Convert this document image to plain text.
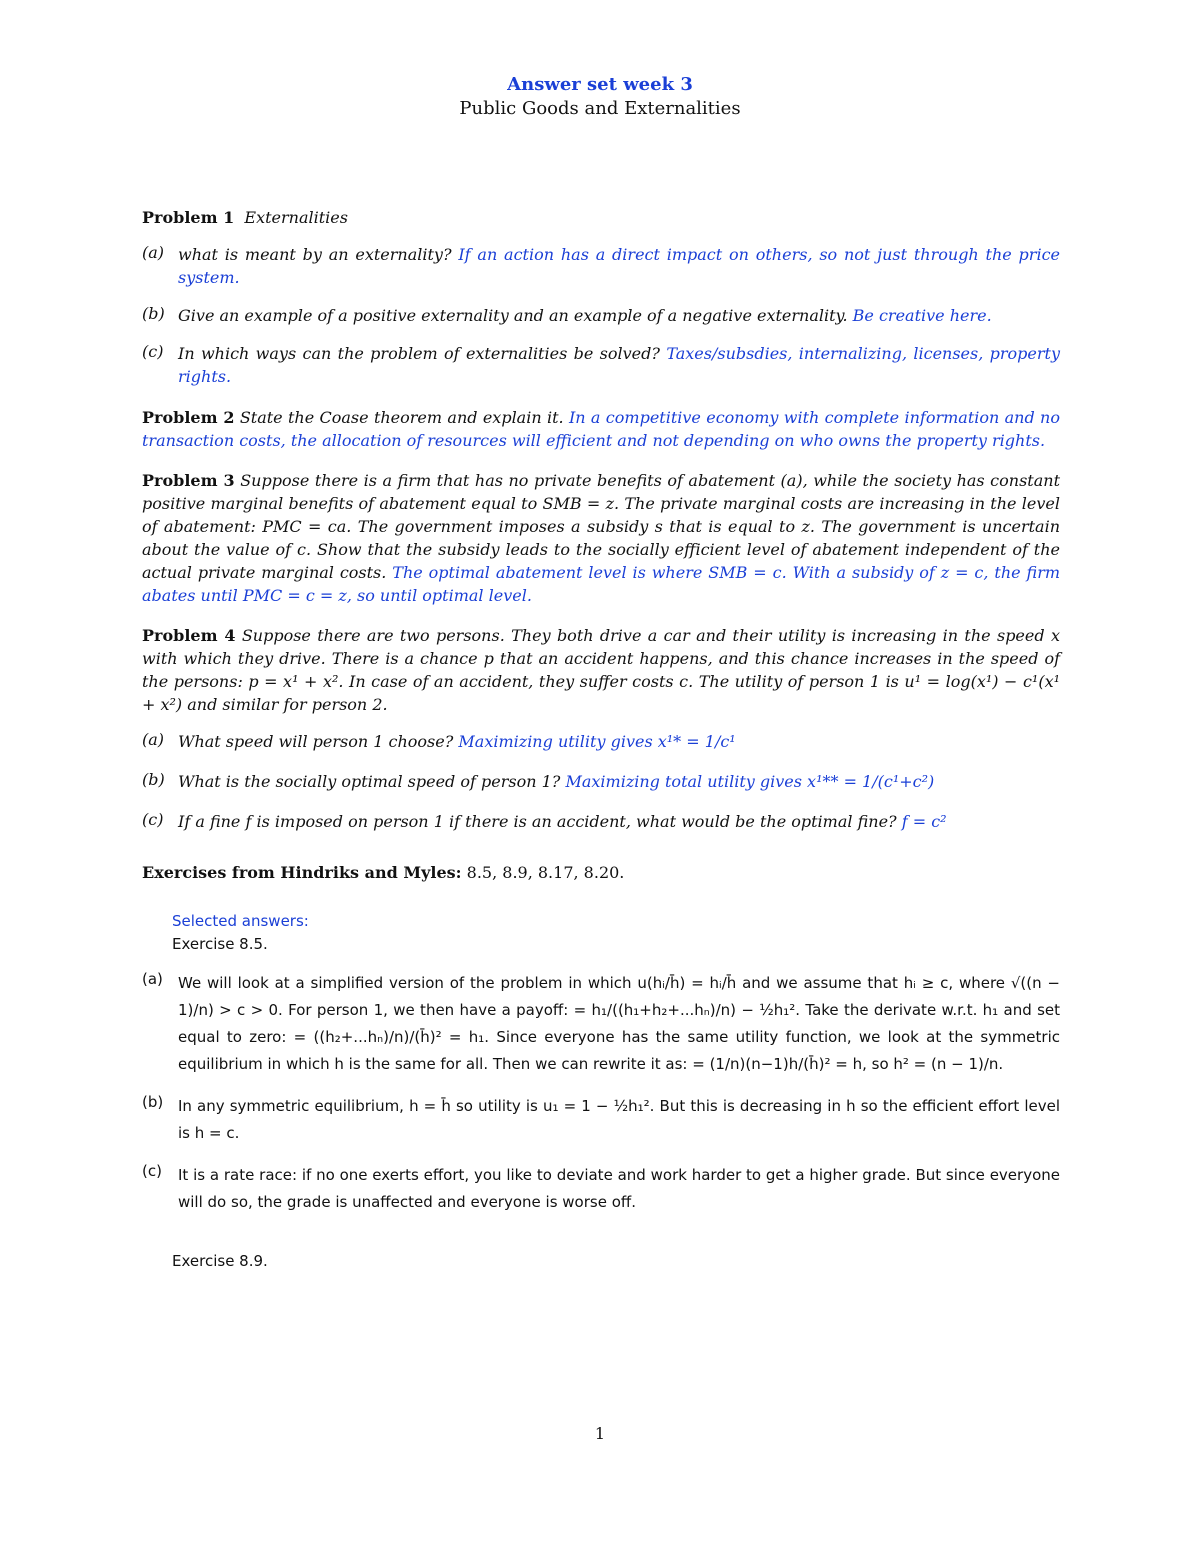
Answer set week 3
Public Goods and Externalities

Problem 1 Externalities

(a) what is meant by an externality? If an action has a direct impact on others, so not just through the price system.
(b) Give an example of a positive externality and an example of a negative externality. Be creative here.
(c) In which ways can the problem of externalities be solved? Taxes/subsdies, internalizing, licenses, property rights.

Problem 2 State the Coase theorem and explain it. In a competitive economy with complete information and no transaction costs, the allocation of resources will efficient and not depending on who owns the property rights.

Problem 3 Suppose there is a firm that has no private benefits of abatement (a), while the society has constant positive marginal benefits of abatement equal to SMB = z. The private marginal costs are increasing in the level of abatement: PMC = ca. The government imposes a subsidy s that is equal to z. The government is uncertain about the value of c. Show that the subsidy leads to the socially efficient level of abatement independent of the actual private marginal costs. The optimal abatement level is where SMB = c. With a subsidy of z = c, the firm abates until PMC = c = z, so until optimal level.

Problem 4 Suppose there are two persons. They both drive a car and their utility is increasing in the speed x with which they drive. There is a chance p that an accident happens, and this chance increases in the speed of the persons: p = x¹ + x². In case of an accident, they suffer costs c. The utility of person 1 is u¹ = log(x¹) − c¹(x¹ + x²) and similar for person 2.

(a) What speed will person 1 choose? Maximizing utility gives x¹* = 1/c¹
(b) What is the socially optimal speed of person 1? Maximizing total utility gives x¹** = 1/(c¹+c²)
(c) If a fine f is imposed on person 1 if there is an accident, what would be the optimal fine? f = c²

Exercises from Hindriks and Myles: 8.5, 8.9, 8.17, 8.20.

Selected answers:

Exercise 8.5.

(a)	We will look at a simplified version of the problem in which u(hᵢ/h̄) = hᵢ/h̄ and we assume that hᵢ ≥ c, where √((n − 1)/n) > c > 0. For person 1, we then have a payoff: = h₁/((h₁+h₂+...hₙ)/n) − ½h₁². Take the derivate w.r.t. h₁ and set equal to zero: = ((h₂+...hₙ)/n)/(h̄)² = h₁. Since everyone has the same utility function, we look at the symmetric equilibrium in which h is the same for all. Then we can rewrite it as: = (1/n)(n−1)h/(h̄)² = h, so h² = (n − 1)/n.
(b) In any symmetric equilibrium, h = h̄ so utility is u₁ = 1 − ½h₁². But this is decreasing in h so the efficient effort level is h = c.
(c)	It is a rate race: if no one exerts effort, you like to deviate and work harder to get a higher grade. But since everyone will do so, the grade is unaffected and everyone is worse off.

Exercise 8.9.

1
